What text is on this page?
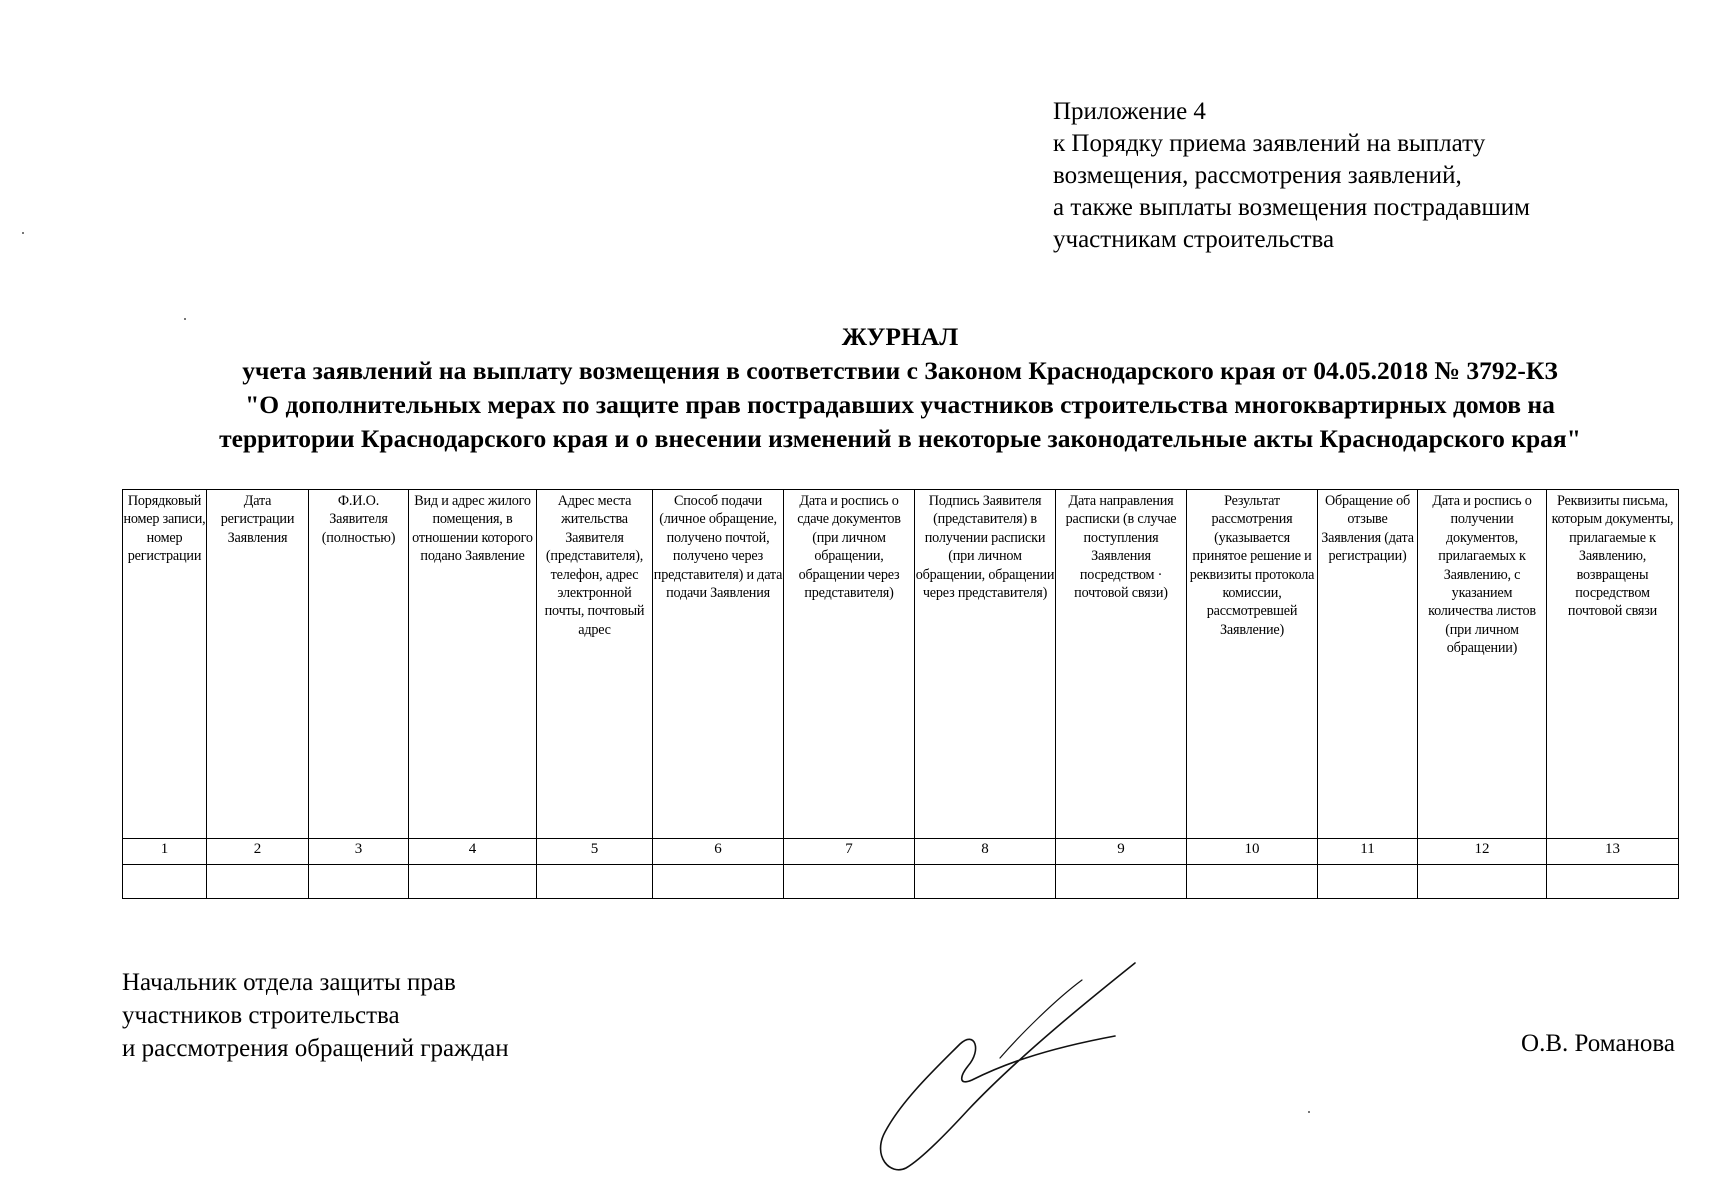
Приложение 4
к Порядку приема заявлений на выплату
возмещения, рассмотрения заявлений,
а также выплаты возмещения пострадавшим
участникам строительства
ЖУРНАЛ
учета заявлений на выплату возмещения в соответствии с Законом Краснодарского края от 04.05.2018 № 3792-КЗ
"О дополнительных мерах по защите прав пострадавших участников строительства многоквартирных домов на
территории Краснодарского края и о внесении изменений в некоторые законодательные акты Краснодарского края"
Порядковый номер записи, номер регистрации	Дата регистрации Заявления	Ф.И.О. Заявителя (полностью)	Вид и адрес жилого помещения, в отношении которого подано Заявление	Адрес места жительства Заявителя (представителя), телефон, адрес электронной почты, почтовый адрес	Способ подачи (личное обращение, получено почтой, получено через представителя) и дата подачи Заявления	Дата и роспись о сдаче документов (при личном обращении, обращении через представителя)	Подпись Заявителя (представителя) в получении расписки (при личном обращении, обращении через представителя)	Дата направления расписки (в случае поступления Заявления посредством · почтовой связи)	Результат рассмотрения (указывается принятое решение и реквизиты протокола комиссии, рассмотревшей Заявление)	Обращение об отзыве Заявления (дата регистрации)	Дата и роспись о получении документов, прилагаемых к Заявлению, с указанием количества листов (при личном обращении)	Реквизиты письма, которым документы, прилагаемые к Заявлению, возвращены посредством почтовой связи
1	2	3	4	5	6	7	8	9	10	11	12	13

Начальник отдела защиты прав
участников строительства
и рассмотрения обращений граждан	О.В. Романова
